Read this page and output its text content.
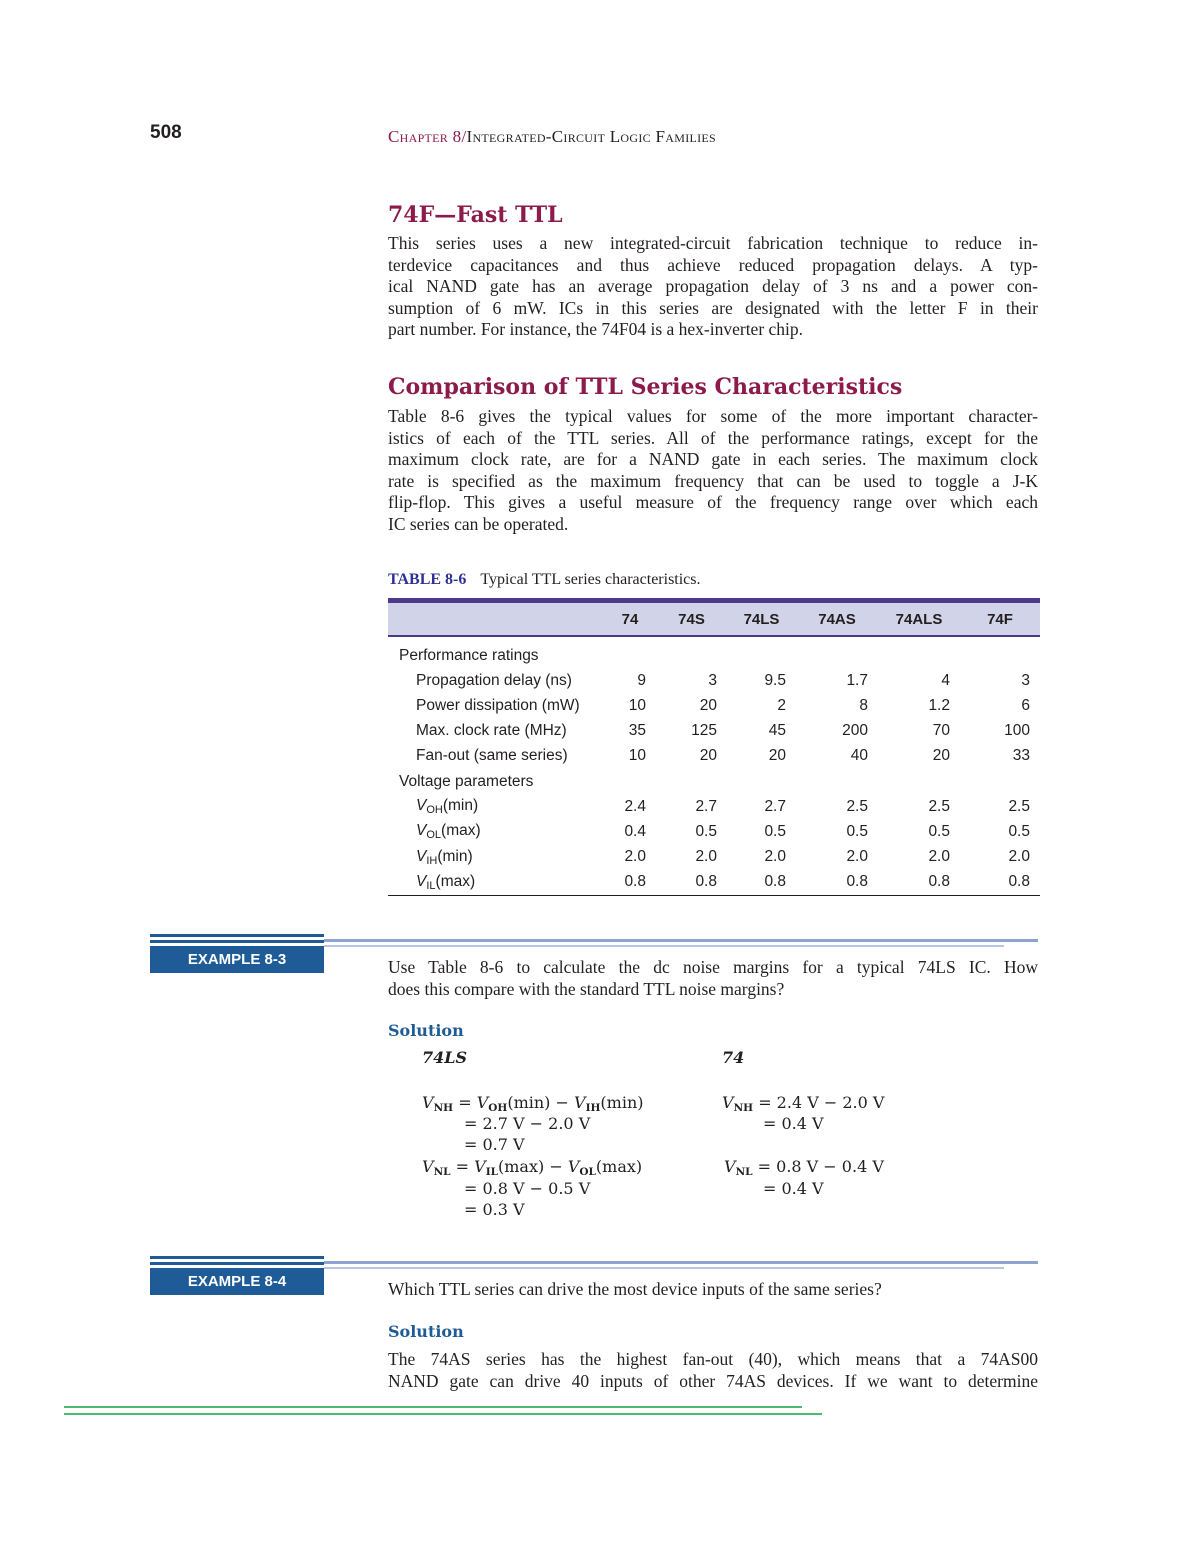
508	Chapter 8/Integrated-Circuit Logic Families
74F—Fast TTL
This series uses a new integrated-circuit fabrication technique to reduce in-
terdevice capacitances and thus achieve reduced propagation delays. A typ-
ical NAND gate has an average propagation delay of 3 ns and a power con-
sumption of 6 mW. ICs in this series are designated with the letter F in their
part number. For instance, the 74F04 is a hex-inverter chip.
Comparison of TTL Series Characteristics
Table 8-6 gives the typical values for some of the more important character-
istics of each of the TTL series. All of the performance ratings, except for the
maximum clock rate, are for a NAND gate in each series. The maximum clock
rate is specified as the maximum frequency that can be used to toggle a J-K
flip-flop. This gives a useful measure of the frequency range over which each
IC series can be operated.
TABLE 8-6 Typical TTL series characteristics.
	74	74S	74LS	74AS	74ALS	74F
Performance ratings						
Propagation delay (ns)	9	3	9.5	1.7	4	3
Power dissipation (mW)	10	20	2	8	1.2	6
Max. clock rate (MHz)	35	125	45	200	70	100
Fan-out (same series)	10	20	20	40	20	33
Voltage parameters						
$V_{OH}(\min)$	2.4	2.7	2.7	2.5	2.5	2.5
$V_{OL}(\max)$	0.4	0.5	0.5	0.5	0.5	0.5
$V_{IH}(\min)$	2.0	2.0	2.0	2.0	2.0	2.0
$V_{IL}(\max)$	0.8	0.8	0.8	0.8	0.8	0.8
EXAMPLE 8-3	Use Table 8-6 to calculate the dc noise margins for a typical 74LS IC. How
does this compare with the standard TTL noise margins?
Solution
74LS	74
$V_{NH} = V_{OH}(\min) - V_{IH}(\min)$
= 2.7 V − 2.0 V
= 0.7 V
$V_{NL} = V_{IL}(\max) - V_{OL}(\max)$
= 0.8 V − 0.5 V
= 0.3 V
$V_{NH} = 2.4$ V − 2.0 V
= 0.4 V
$V_{NL} = 0.8$ V − 0.4 V
= 0.4 V
EXAMPLE 8-4	Which TTL series can drive the most device inputs of the same series?
Solution
The 74AS series has the highest fan-out (40), which means that a 74AS00
NAND gate can drive 40 inputs of other 74AS devices. If we want to determine
